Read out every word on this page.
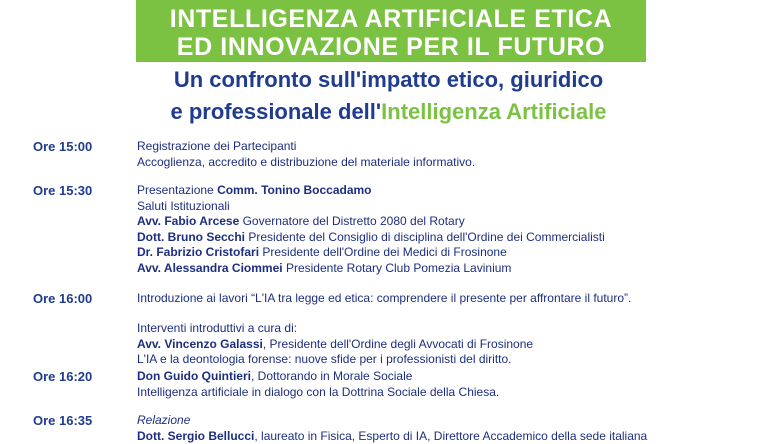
INTELLIGENZA ARTIFICIALE ETICA
ED INNOVAZIONE PER IL FUTURO
Un confronto sull'impatto etico, giuridico
e professionale dell'Intelligenza Artificiale
Ore 15:00	Registrazione dei Partecipanti
Accoglienza, accredito e distribuzione del materiale informativo.
Ore 15:30	Presentazione Comm. Tonino Boccadamo
Saluti Istituzionali
Avv. Fabio Arcese Governatore del Distretto 2080 del Rotary
Dott. Bruno Secchi Presidente del Consiglio di disciplina dell'Ordine dei Commercialisti
Dr. Fabrizio Cristofari Presidente dell'Ordine dei Medici di Frosinone
Avv. Alessandra Ciommei Presidente Rotary Club Pomezia Lavinium
Ore 16:00	Introduzione ai lavori “L'IA tra legge ed etica: comprendere il presente per affrontare il futuro”.
Interventi introduttivi a cura di:
Avv. Vincenzo Galassi, Presidente dell'Ordine degli Avvocati di Frosinone
L'IA e la deontologia forense: nuove sfide per i professionisti del diritto.
Ore 16:20	Don Guido Quintieri, Dottorando in Morale Sociale
Intelligenza artificiale in dialogo con la Dottrina Sociale della Chiesa.
Ore 16:35	Relazione
Dott. Sergio Bellucci, laureato in Fisica, Esperto di IA, Direttore Accademico della sede italiana
